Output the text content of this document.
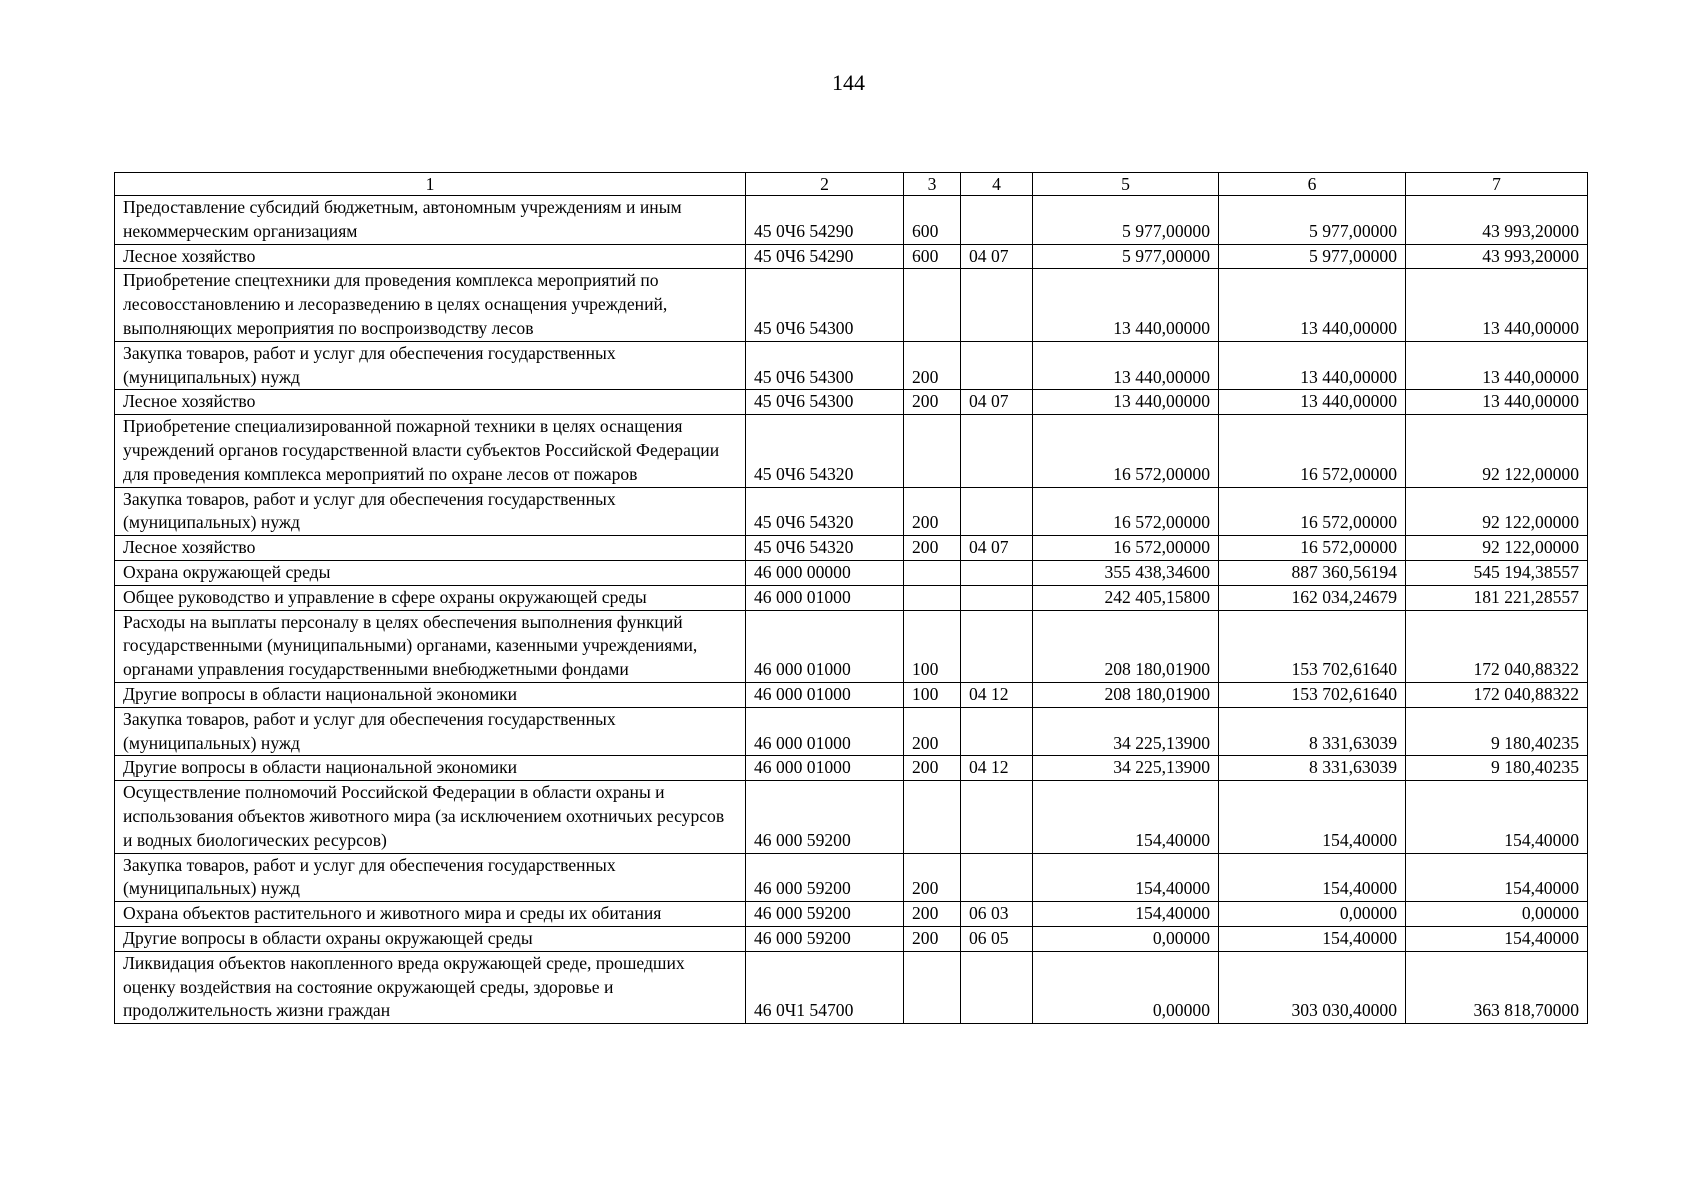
144
1	2	3	4	5	6	7
Предоставление субсидий бюджетным, автономным учреждениям и иным некоммерческим организациям	45 0Ч6 54290	600		5 977,00000	5 977,00000	43 993,20000
Лесное хозяйство	45 0Ч6 54290	600	04 07	5 977,00000	5 977,00000	43 993,20000
Приобретение спецтехники для проведения комплекса мероприятий по лесовосстановлению и лесоразведению в целях оснащения учреждений, выполняющих мероприятия по воспроизводству лесов	45 0Ч6 54300			13 440,00000	13 440,00000	13 440,00000
Закупка товаров, работ и услуг для обеспечения государственных (муниципальных) нужд	45 0Ч6 54300	200		13 440,00000	13 440,00000	13 440,00000
Лесное хозяйство	45 0Ч6 54300	200	04 07	13 440,00000	13 440,00000	13 440,00000
Приобретение специализированной пожарной техники в целях оснащения учреждений органов государственной власти субъектов Российской Федерации для проведения комплекса мероприятий по охране лесов от пожаров	45 0Ч6 54320			16 572,00000	16 572,00000	92 122,00000
Закупка товаров, работ и услуг для обеспечения государственных (муниципальных) нужд	45 0Ч6 54320	200		16 572,00000	16 572,00000	92 122,00000
Лесное хозяйство	45 0Ч6 54320	200	04 07	16 572,00000	16 572,00000	92 122,00000
Охрана окружающей среды	46 000 00000			355 438,34600	887 360,56194	545 194,38557
Общее руководство и управление в сфере охраны окружающей среды	46 000 01000			242 405,15800	162 034,24679	181 221,28557
Расходы на выплаты персоналу в целях обеспечения выполнения функций государственными (муниципальными) органами, казенными учреждениями, органами управления государственными внебюджетными фондами	46 000 01000	100		208 180,01900	153 702,61640	172 040,88322
Другие вопросы в области национальной экономики	46 000 01000	100	04 12	208 180,01900	153 702,61640	172 040,88322
Закупка товаров, работ и услуг для обеспечения государственных (муниципальных) нужд	46 000 01000	200		34 225,13900	8 331,63039	9 180,40235
Другие вопросы в области национальной экономики	46 000 01000	200	04 12	34 225,13900	8 331,63039	9 180,40235
Осуществление полномочий Российской Федерации в области охраны и использования объектов животного мира (за исключением охотничьих ресурсов и водных биологических ресурсов)	46 000 59200			154,40000	154,40000	154,40000
Закупка товаров, работ и услуг для обеспечения государственных (муниципальных) нужд	46 000 59200	200		154,40000	154,40000	154,40000
Охрана объектов растительного и животного мира и среды их обитания	46 000 59200	200	06 03	154,40000	0,00000	0,00000
Другие вопросы в области охраны окружающей среды	46 000 59200	200	06 05	0,00000	154,40000	154,40000
Ликвидация объектов накопленного вреда окружающей среде, прошедших оценку воздействия на состояние окружающей среды, здоровье и продолжительность жизни граждан	46 0Ч1 54700			0,00000	303 030,40000	363 818,70000
